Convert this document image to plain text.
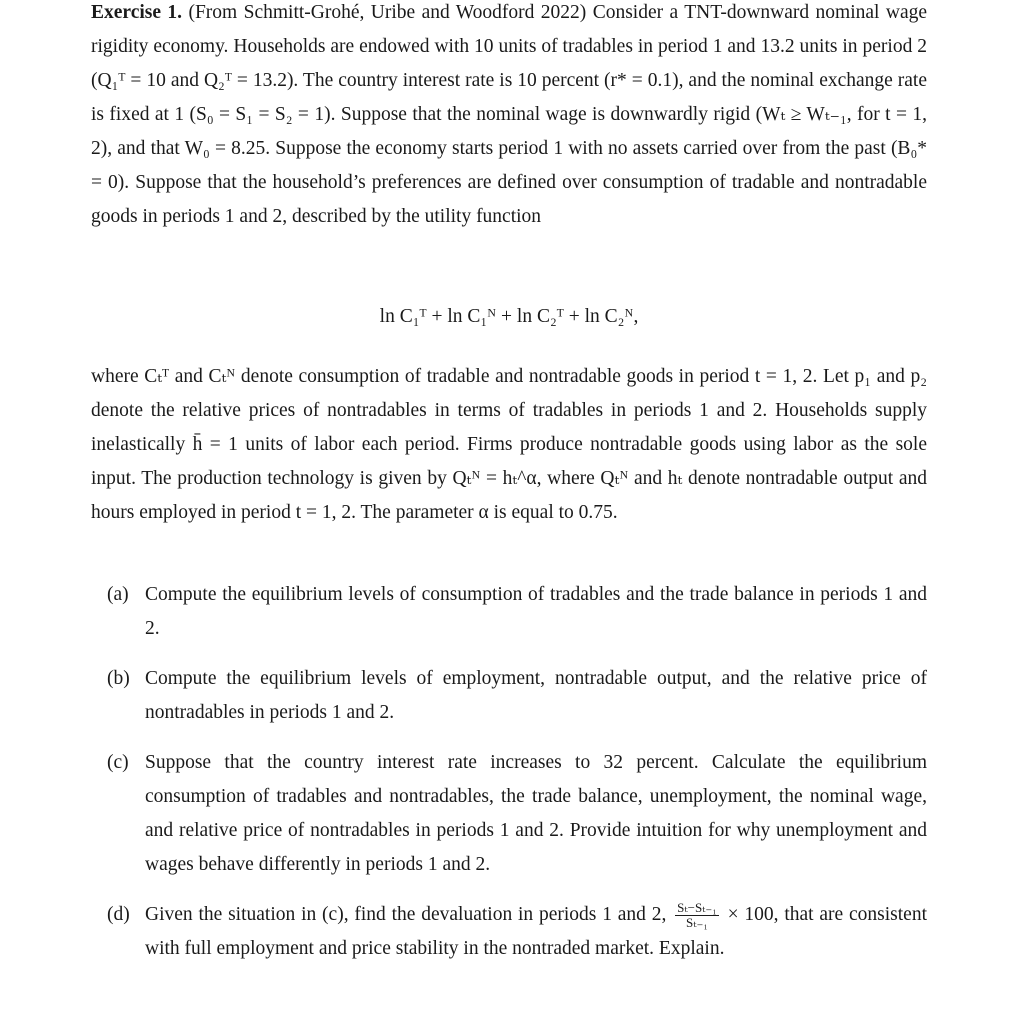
Exercise 1. (From Schmitt-Grohé, Uribe and Woodford 2022) Consider a TNT-downward nominal wage rigidity economy. Households are endowed with 10 units of tradables in period 1 and 13.2 units in period 2 (Q₁ᵀ = 10 and Q₂ᵀ = 13.2). The country interest rate is 10 percent (r* = 0.1), and the nominal exchange rate is fixed at 1 (S₀ = S₁ = S₂ = 1). Suppose that the nominal wage is downwardly rigid (Wₜ ≥ Wₜ₋₁, for t = 1, 2), and that W₀ = 8.25. Suppose the economy starts period 1 with no assets carried over from the past (B₀* = 0). Suppose that the household’s preferences are defined over consumption of tradable and nontradable goods in periods 1 and 2, described by the utility function

ln C₁ᵀ + ln C₁ᴺ + ln C₂ᵀ + ln C₂ᴺ,

where Cₜᵀ and Cₜᴺ denote consumption of tradable and nontradable goods in period t = 1, 2. Let p₁ and p₂ denote the relative prices of nontradables in terms of tradables in periods 1 and 2. Households supply inelastically h̄ = 1 units of labor each period. Firms produce nontradable goods using labor as the sole input. The production technology is given by Qₜᴺ = hₜ^α, where Qₜᴺ and hₜ denote nontradable output and hours employed in period t = 1, 2. The parameter α is equal to 0.75.

(a) Compute the equilibrium levels of consumption of tradables and the trade balance in periods 1 and 2.
(b) Compute the equilibrium levels of employment, nontradable output, and the relative price of nontradables in periods 1 and 2.
(c) Suppose that the country interest rate increases to 32 percent. Calculate the equilibrium consumption of tradables and nontradables, the trade balance, unemployment, the nominal wage, and relative price of nontradables in periods 1 and 2. Provide intuition for why unemployment and wages behave differently in periods 1 and 2.
(d) Given the situation in (c), find the devaluation in periods 1 and 2, $\frac{\text{Sₜ−Sₜ₋₁}}{\text{Sₜ₋₁}} \times 100$, that are consistent with full employment and price stability in the nontraded market. Explain.
